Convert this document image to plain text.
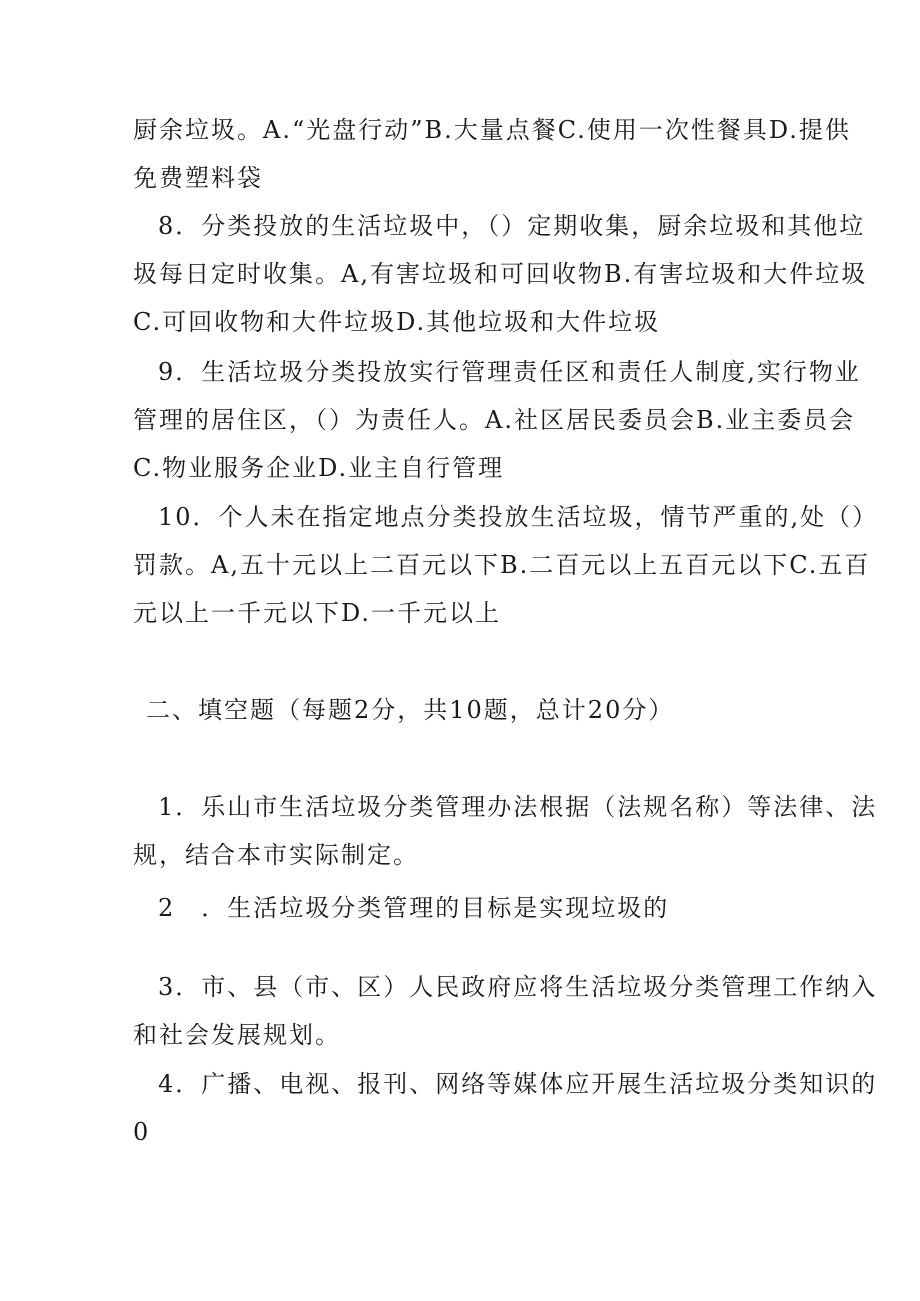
厨余垃圾。A.“光盘行动”B.大量点餐C.使用一次性餐具D.提供
免费塑料袋
8．分类投放的生活垃圾中，（）定期收集，厨余垃圾和其他垃
圾每日定时收集。A,有害垃圾和可回收物B.有害垃圾和大件垃圾
C.可回收物和大件垃圾D.其他垃圾和大件垃圾
9．生活垃圾分类投放实行管理责任区和责任人制度,实行物业
管理的居住区，（）为责任人。A.社区居民委员会B.业主委员会
C.物业服务企业D.业主自行管理
10．个人未在指定地点分类投放生活垃圾，情节严重的,处（）
罚款。A,五十元以上二百元以下B.二百元以上五百元以下C.五百
元以上一千元以下D.一千元以上
二、填空题（每题2分，共10题，总计20分）
1．乐山市生活垃圾分类管理办法根据（法规名称）等法律、法
规，结合本市实际制定。
2　．生活垃圾分类管理的目标是实现垃圾的
3．市、县（市、区）人民政府应将生活垃圾分类管理工作纳入
和社会发展规划。
4．广播、电视、报刊、网络等媒体应开展生活垃圾分类知识的
0
